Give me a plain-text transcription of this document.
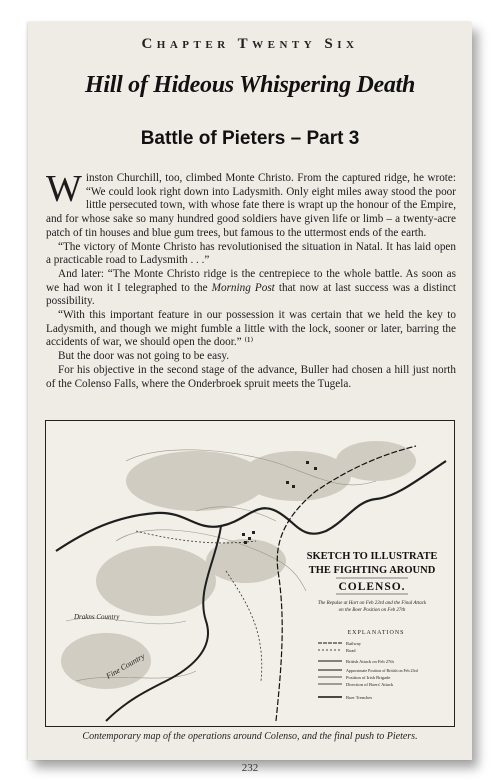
Chapter Twenty Six
Hill of Hideous Whispering Death
Battle of Pieters – Part 3

Winston Churchill, too, climbed Monte Christo. From the captured ridge, he wrote: “We could look right down into Ladysmith. Only eight miles away stood the poor little persecuted town, with whose fate there is wrapt up the honour of the Empire, and for whose sake so many hundred good soldiers have given life or limb – a twenty-acre patch of tin houses and blue gum trees, but famous to the uttermost ends of the earth.

“The victory of Monte Christo has revolutionised the situation in Natal. It has laid open a practicable road to Ladysmith . . .”

And later: “The Monte Christo ridge is the centrepiece to the whole battle. As soon as we had won it I telegraphed to the Morning Post that now at last success was a distinct possibility.

“With this important feature in our possession it was certain that we held the key to Ladysmith, and though we might fumble a little with the lock, sooner or later, barring the accidents of war, we should open the door.” ⁽¹⁾

But the door was not going to be easy.

For his objective in the second stage of the advance, Buller had chosen a hill just north of the Colenso Falls, where the Onderbroek spruit meets the Tugela.

SKETCH TO ILLUSTRATE
THE FIGHTING AROUND
COLENSO.
The Repulse at Hart on Feb 23rd and the Final Attack
on the Boer Position on Feb 27th
EXPLANATIONS
Railway
Road
British Attack on Feb 27th
Approximate Position of British on Feb 23rd
Position of Irish Brigade
Direction of Boers' Attack
Boer Trenches
Drakns Country
Fine Country
Contemporary map of the operations around Colenso, and the final push to Pieters.
232
